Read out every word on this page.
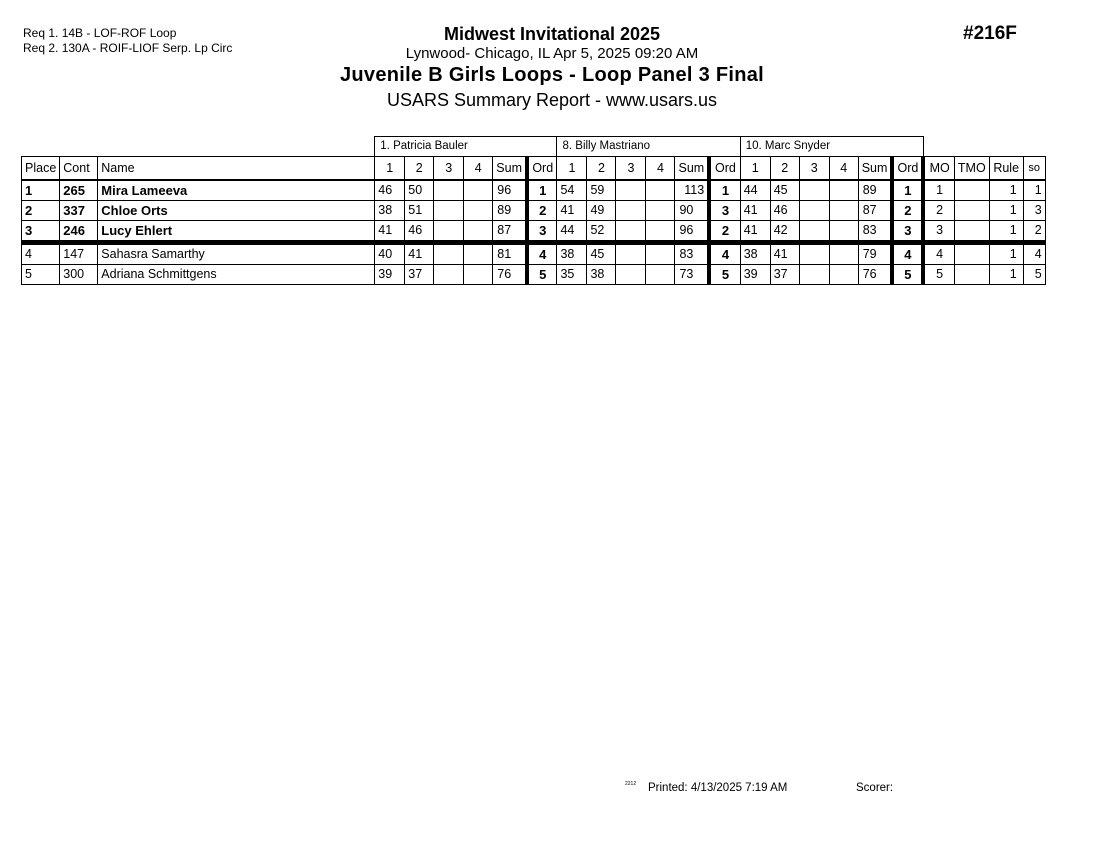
Req 1. 14B - LOF-ROF Loop
Req 2. 130A - ROIF-LIOF Serp. Lp Circ
Midwest Invitational 2025
Lynwood- Chicago, IL Apr 5, 2025 09:20 AM
Juvenile B Girls Loops - Loop Panel 3 Final
USARS Summary Report - www.usars.us
#216F
			1. Patricia Bauler						8. Billy Mastriano						10. Marc Snyder									
Place	Cont	Name	1	2	3	4	Sum	Ord	1	2	3	4	Sum	Ord	1	2	3	4	Sum	Ord	MO	TMO	Rule	so
1	265	Mira Lameeva	46	50			96	1	54	59			113	1	44	45			89	1	1		1	1
2	337	Chloe Orts	38	51			89	2	41	49			90	3	41	46			87	2	2		1	3
3	246	Lucy Ehlert	41	46			87	3	44	52			96	2	41	42			83	3	3		1	2
4	147	Sahasra Samarthy	40	41			81	4	38	45			83	4	38	41			79	4	4		1	4
5	300	Adriana Schmittgens	39	37			76	5	35	38			73	5	39	37			76	5	5		1	5
2212 Printed: 4/13/2025 7:19 AM	Scorer:
